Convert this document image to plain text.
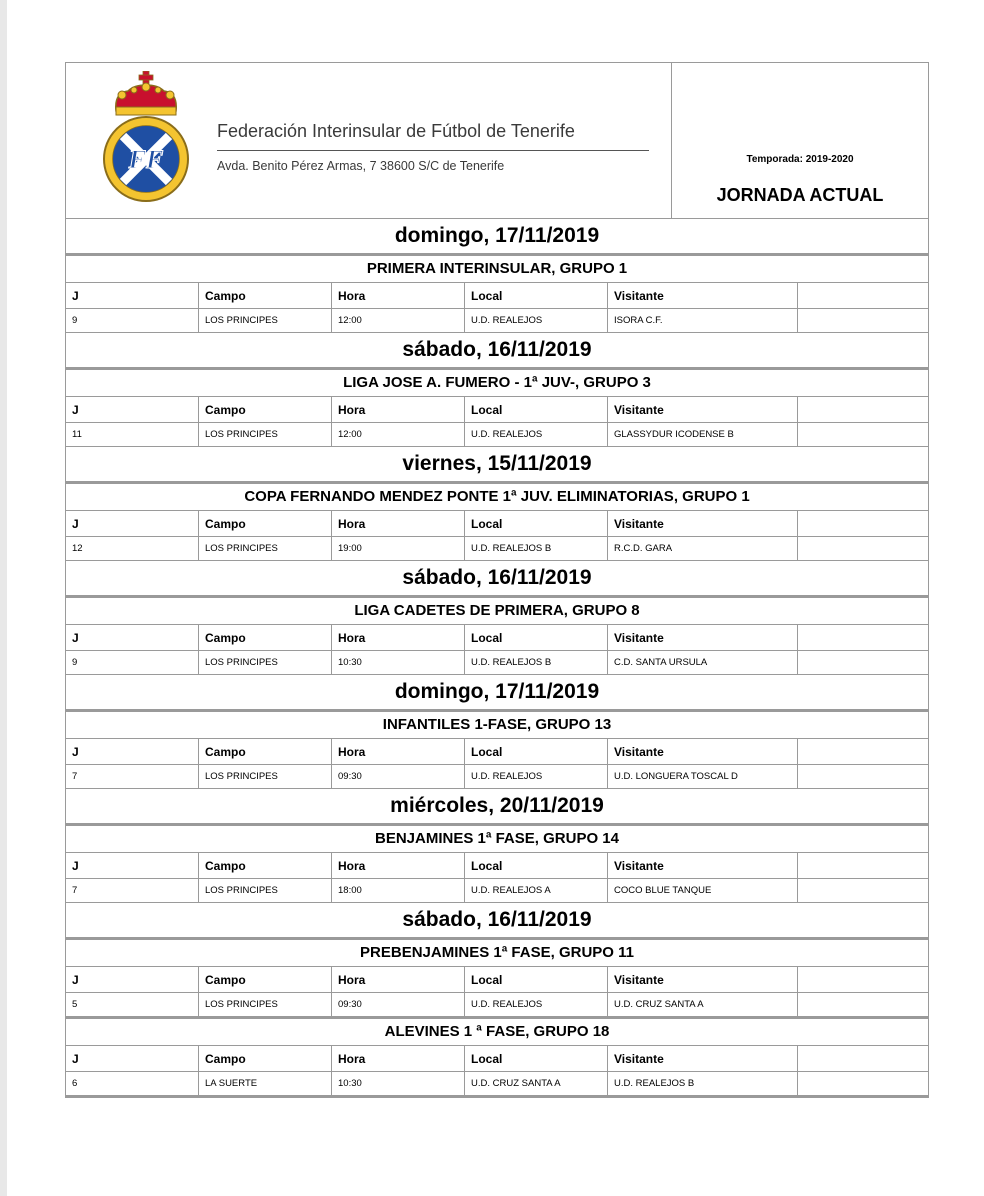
FF
Federación Interinsular de Fútbol de Tenerife
Avda. Benito Pérez Armas, 7 38600 S/C de Tenerife	Temporada: 2019-2020
JORNADA ACTUAL
domingo, 17/11/2019
PRIMERA INTERINSULAR, GRUPO 1
J	Campo	Hora	Local	Visitante
9	LOS PRINCIPES	12:00	U.D. REALEJOS	ISORA C.F.
sábado, 16/11/2019
LIGA JOSE A. FUMERO - 1ª JUV-, GRUPO 3
J	Campo	Hora	Local	Visitante
11	LOS PRINCIPES	12:00	U.D. REALEJOS	GLASSYDUR ICODENSE B
viernes, 15/11/2019
COPA FERNANDO MENDEZ PONTE 1ª JUV. ELIMINATORIAS, GRUPO 1
J	Campo	Hora	Local	Visitante
12	LOS PRINCIPES	19:00	U.D. REALEJOS B	R.C.D. GARA
sábado, 16/11/2019
LIGA CADETES DE PRIMERA, GRUPO 8
J	Campo	Hora	Local	Visitante
9	LOS PRINCIPES	10:30	U.D. REALEJOS B	C.D. SANTA URSULA
domingo, 17/11/2019
INFANTILES 1-FASE, GRUPO 13
J	Campo	Hora	Local	Visitante
7	LOS PRINCIPES	09:30	U.D. REALEJOS	U.D. LONGUERA TOSCAL D
miércoles, 20/11/2019
BENJAMINES 1ª FASE, GRUPO 14
J	Campo	Hora	Local	Visitante
7	LOS PRINCIPES	18:00	U.D. REALEJOS A	COCO BLUE TANQUE
sábado, 16/11/2019
PREBENJAMINES 1ª FASE, GRUPO 11
J	Campo	Hora	Local	Visitante
5	LOS PRINCIPES	09:30	U.D. REALEJOS	U.D. CRUZ SANTA A
ALEVINES 1 ª FASE, GRUPO 18
J	Campo	Hora	Local	Visitante
6	LA SUERTE	10:30	U.D. CRUZ SANTA A	U.D. REALEJOS B
